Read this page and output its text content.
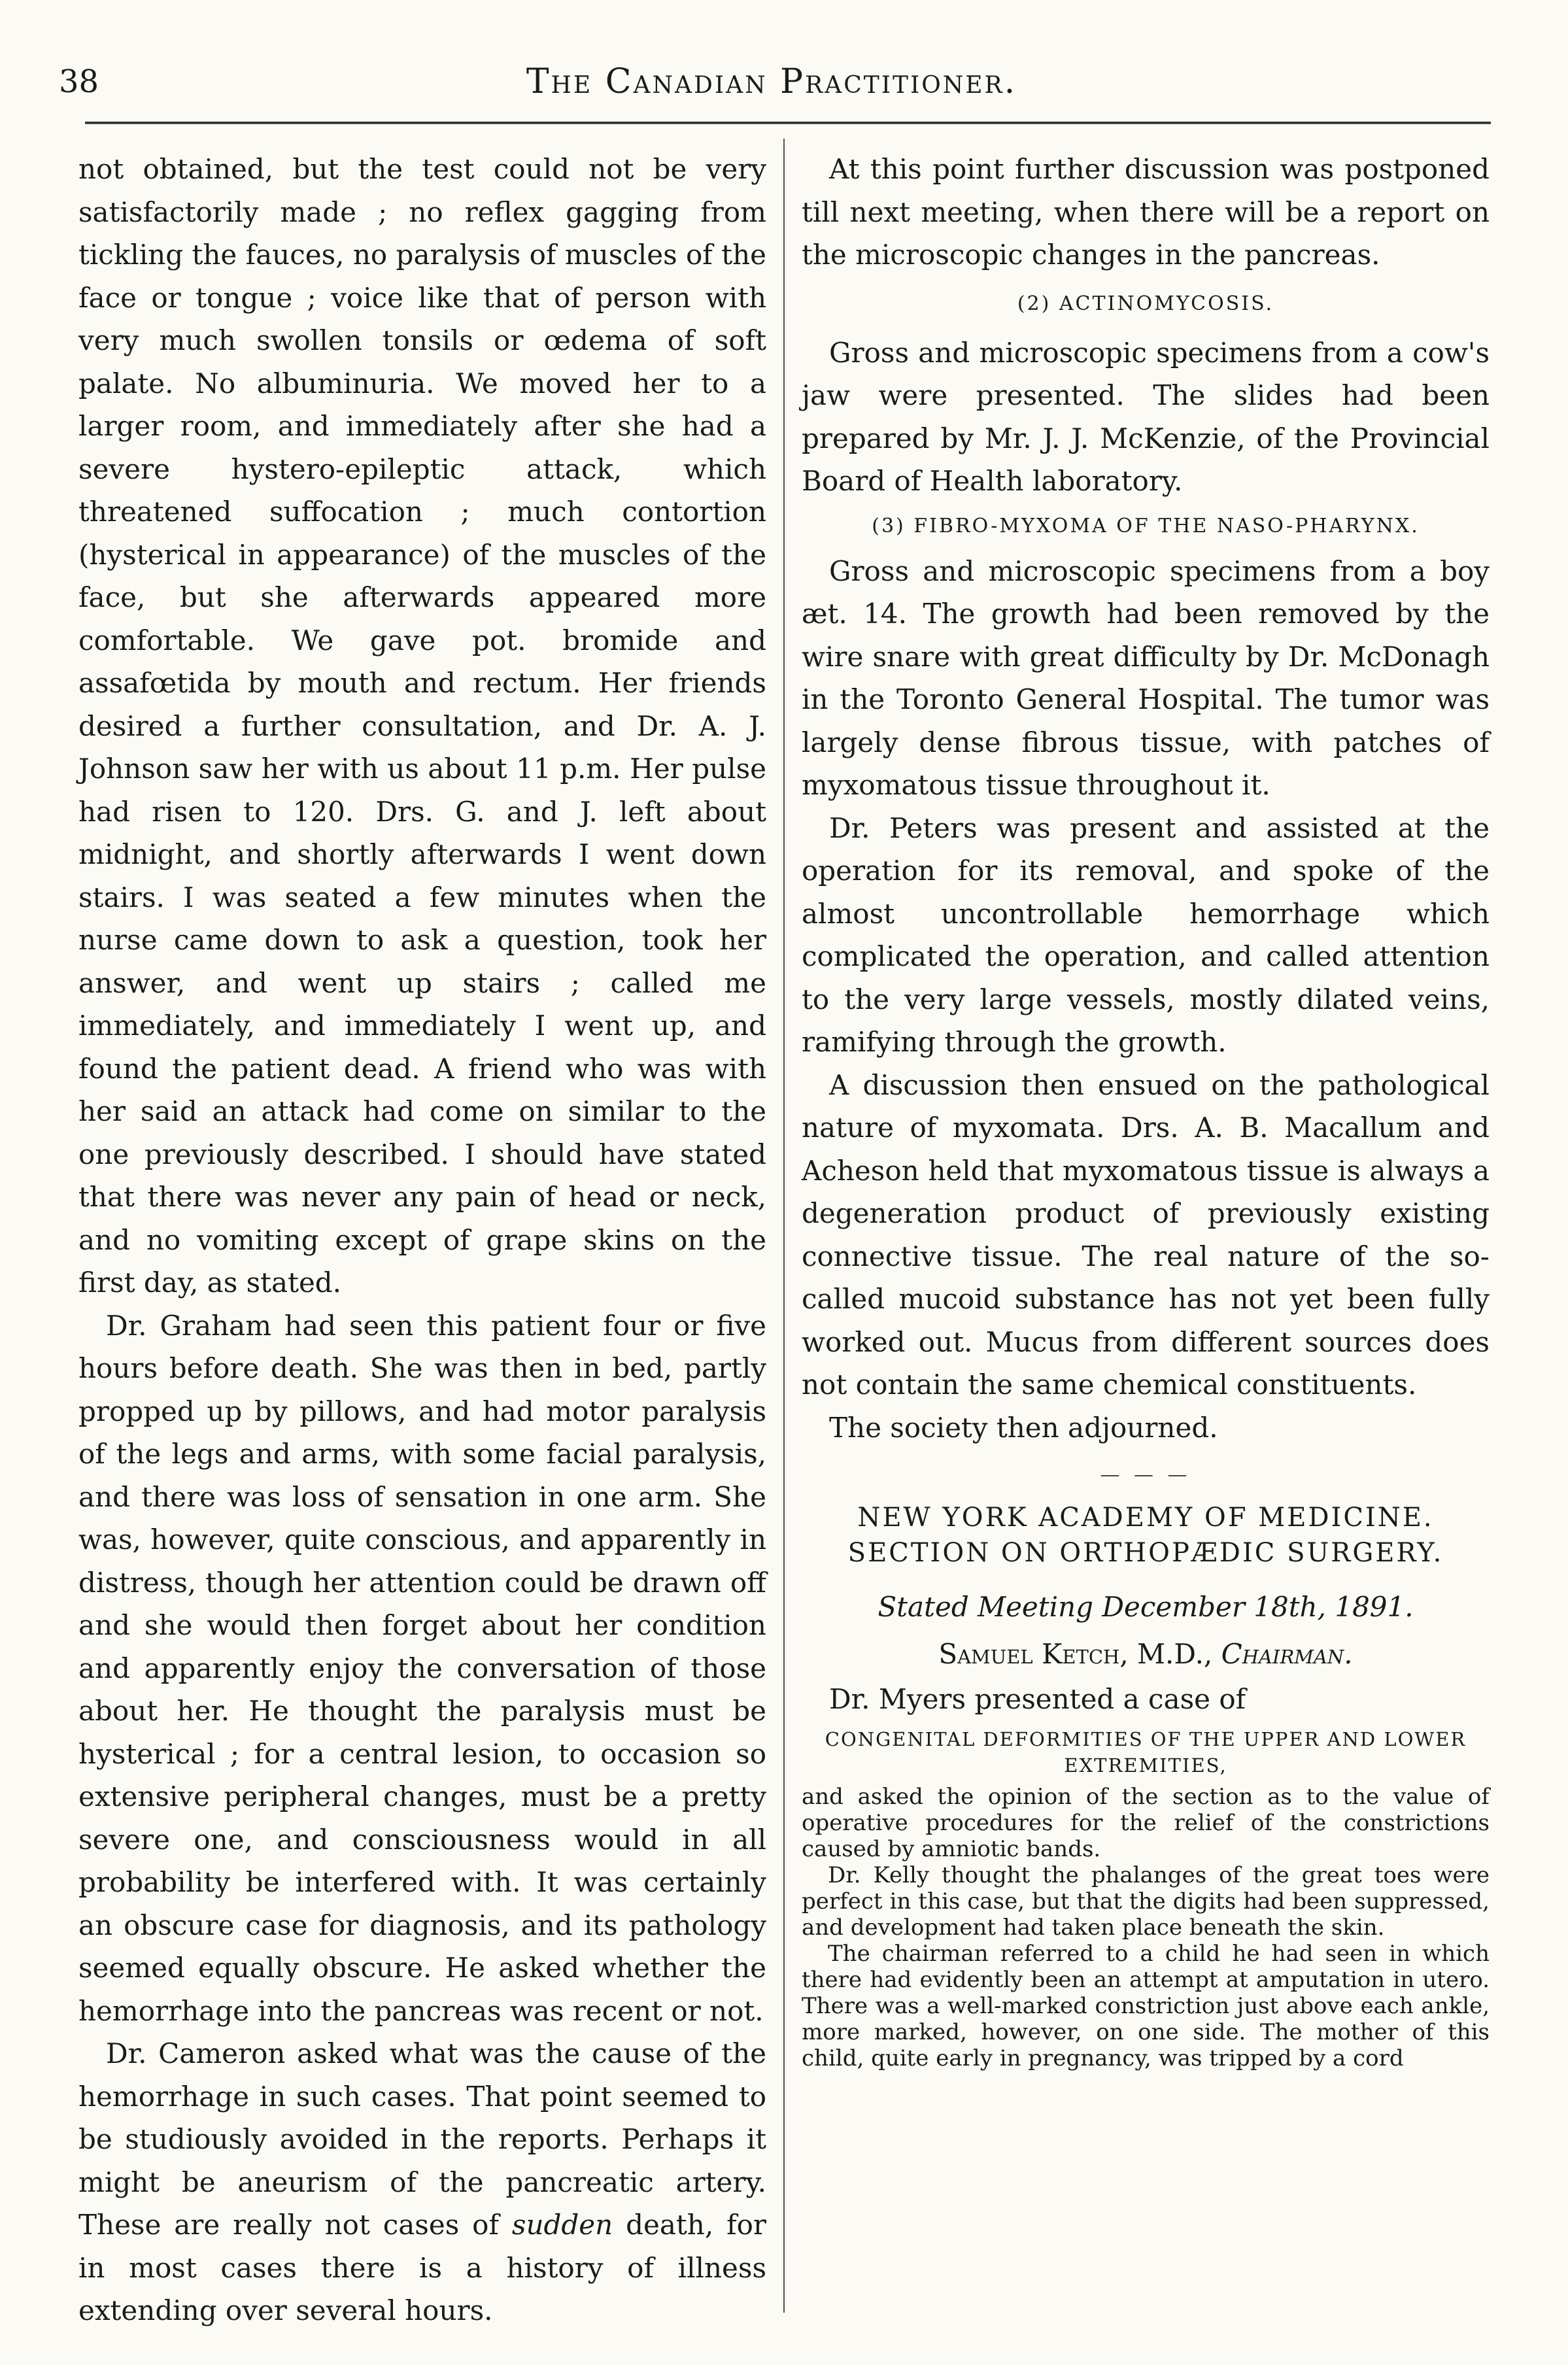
38	The Canadian Practitioner.

not obtained, but the test could not be very satisfactorily made ; no reflex gagging from tickling the fauces, no paralysis of muscles of the face or tongue ; voice like that of person with very much swollen tonsils or œdema of soft palate. No albuminuria. We moved her to a larger room, and immediately after she had a severe hystero-epileptic attack, which threatened suffocation ; much contortion (hysterical in appearance) of the muscles of the face, but she afterwards appeared more comfortable. We gave pot. bromide and assafœtida by mouth and rectum. Her friends desired a further consultation, and Dr. A. J. Johnson saw her with us about 11 p.m. Her pulse had risen to 120. Drs. G. and J. left about midnight, and shortly afterwards I went down stairs. I was seated a few minutes when the nurse came down to ask a question, took her answer, and went up stairs ; called me immediately, and immediately I went up, and found the patient dead. A friend who was with her said an attack had come on similar to the one previously described. I should have stated that there was never any pain of head or neck, and no vomiting except of grape skins on the first day, as stated.

Dr. Graham had seen this patient four or five hours before death. She was then in bed, partly propped up by pillows, and had motor paralysis of the legs and arms, with some facial paralysis, and there was loss of sensation in one arm. She was, however, quite conscious, and apparently in distress, though her attention could be drawn off and she would then forget about her condition and apparently enjoy the conversation of those about her. He thought the paralysis must be hysterical ; for a central lesion, to occasion so extensive peripheral changes, must be a pretty severe one, and consciousness would in all probability be interfered with. It was certainly an obscure case for diagnosis, and its pathology seemed equally obscure. He asked whether the hemorrhage into the pancreas was recent or not.

Dr. Cameron asked what was the cause of the hemorrhage in such cases. That point seemed to be studiously avoided in the reports. Perhaps it might be aneurism of the pancreatic artery. These are really not cases of sudden death, for in most cases there is a history of illness extending over several hours.

At this point further discussion was postponed till next meeting, when there will be a report on the microscopic changes in the pancreas.

(2) ACTINOMYCOSIS.

Gross and microscopic specimens from a cow's jaw were presented. The slides had been prepared by Mr. J. J. McKenzie, of the Provincial Board of Health laboratory.

(3) FIBRO-MYXOMA OF THE NASO-PHARYNX.

Gross and microscopic specimens from a boy æt. 14. The growth had been removed by the wire snare with great difficulty by Dr. McDonagh in the Toronto General Hospital. The tumor was largely dense fibrous tissue, with patches of myxomatous tissue throughout it.

Dr. Peters was present and assisted at the operation for its removal, and spoke of the almost uncontrollable hemorrhage which complicated the operation, and called attention to the very large vessels, mostly dilated veins, ramifying through the growth.

A discussion then ensued on the pathological nature of myxomata. Drs. A. B. Macallum and Acheson held that myxomatous tissue is always a degeneration product of previously existing connective tissue. The real nature of the so-called mucoid substance has not yet been fully worked out. Mucus from different sources does not contain the same chemical constituents.

The society then adjourned.

— — —
NEW YORK ACADEMY OF MEDICINE.
SECTION ON ORTHOPÆDIC SURGERY.

Stated Meeting December 18th, 1891.

Samuel Ketch, M.D., Chairman.

Dr. Myers presented a case of

CONGENITAL DEFORMITIES OF THE UPPER AND LOWER EXTREMITIES,

and asked the opinion of the section as to the value of operative procedures for the relief of the constrictions caused by amniotic bands.

Dr. Kelly thought the phalanges of the great toes were perfect in this case, but that the digits had been suppressed, and development had taken place beneath the skin.

The chairman referred to a child he had seen in which there had evidently been an attempt at amputation in utero. There was a well-marked constriction just above each ankle, more marked, however, on one side. The mother of this child, quite early in pregnancy, was tripped by a cord
